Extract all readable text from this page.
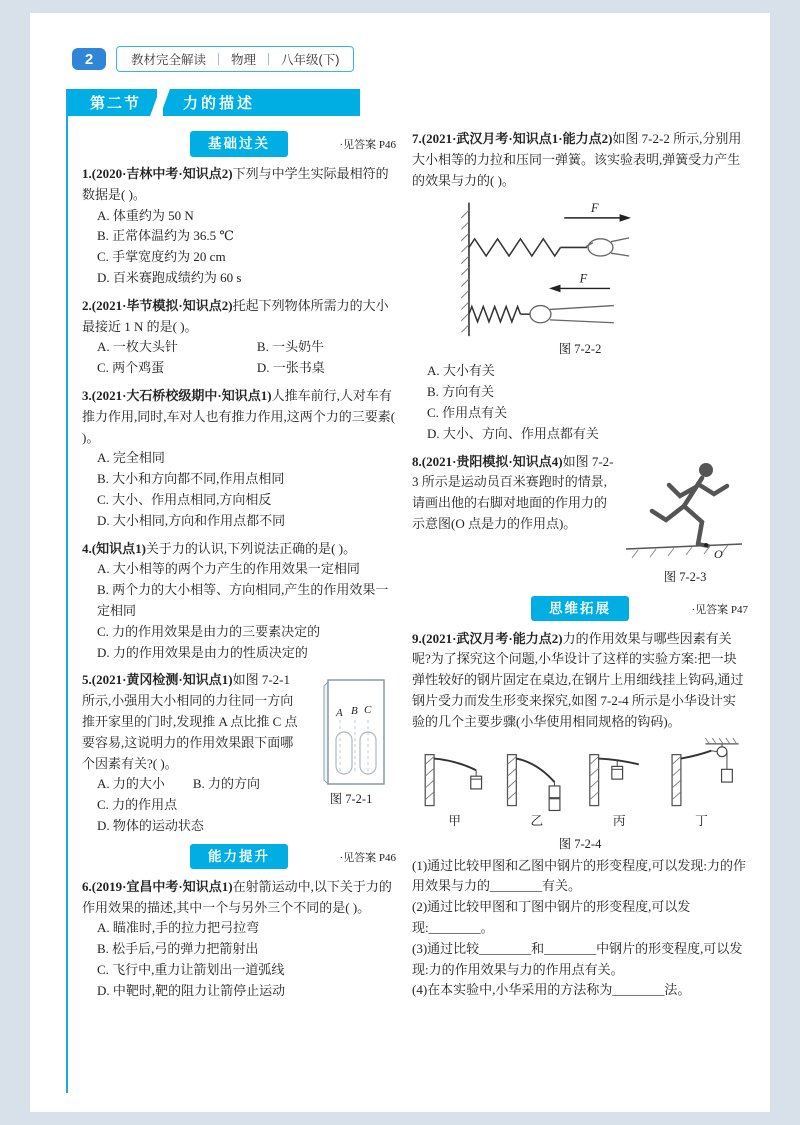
2	教材完全解读 物理 八年级(下)
第二节	力的描述
基础过关	·见答案 P46
1.(2020·吉林中考·知识点2)下列与中学生实际最相符的数据是( )。
A. 体重约为 50 N
B. 正常体温约为 36.5 ℃
C. 手掌宽度约为 20 cm
D. 百米赛跑成绩约为 60 s
2.(2021·毕节模拟·知识点2)托起下列物体所需力的大小最接近 1 N 的是( )。
A. 一枚大头针	B. 一头奶牛
C. 两个鸡蛋	D. 一张书桌
3.(2021·大石桥校级期中·知识点1)人推车前行,人对车有推力作用,同时,车对人也有推力作用,这两个力的三要素( )。
A. 完全相同
B. 大小和方向都不同,作用点相同
C. 大小、作用点相同,方向相反
D. 大小相同,方向和作用点都不同
4.(知识点1)关于力的认识,下列说法正确的是( )。
A. 大小相等的两个力产生的作用效果一定相同
B. 两个力的大小相等、方向相同,产生的作用效果一定相同
C. 力的作用效果是由力的三要素决定的
D. 力的作用效果是由力的性质决定的
A B C
图 7-2-1
5.(2021·黄冈检测·知识点1)如图 7-2-1 所示,小强用大小相同的力往同一方向推开家里的门时,发现推 A 点比推 C 点要容易,这说明力的作用效果跟下面哪个因素有关?( )。
A. 力的大小 B. 力的方向
C. 力的作用点
D. 物体的运动状态
能力提升	·见答案 P46
6.(2019·宜昌中考·知识点1)在射箭运动中,以下关于力的作用效果的描述,其中一个与另外三个不同的是( )。
A. 瞄准时,手的拉力把弓拉弯
B. 松手后,弓的弹力把箭射出
C. 飞行中,重力让箭划出一道弧线
D. 中靶时,靶的阻力让箭停止运动
7.(2021·武汉月考·知识点1·能力点2)如图 7-2-2 所示,分别用大小相等的力拉和压同一弹簧。该实验表明,弹簧受力产生的效果与力的( )。
F
F
图 7-2-2
A. 大小有关
B. 方向有关
C. 作用点有关
D. 大小、方向、作用点都有关
O
图 7-2-3
8.(2021·贵阳模拟·知识点4)如图 7-2-3 所示是运动员百米赛跑时的情景,请画出他的右脚对地面的作用力的示意图(O 点是力的作用点)。
思维拓展	·见答案 P47
9.(2021·武汉月考·能力点2)力的作用效果与哪些因素有关呢?为了探究这个问题,小华设计了这样的实验方案:把一块弹性较好的钢片固定在桌边,在钢片上用细线挂上钩码,通过钢片受力而发生形变来探究,如图 7-2-4 所示是小华设计实验的几个主要步骤(小华使用相同规格的钩码)。
甲	乙	丙	丁
图 7-2-4
(1)通过比较甲图和乙图中钢片的形变程度,可以发现:力的作用效果与力的________有关。
(2)通过比较甲图和丁图中钢片的形变程度,可以发现:________。
(3)通过比较________和________中钢片的形变程度,可以发现:力的作用效果与力的作用点有关。
(4)在本实验中,小华采用的方法称为________法。
